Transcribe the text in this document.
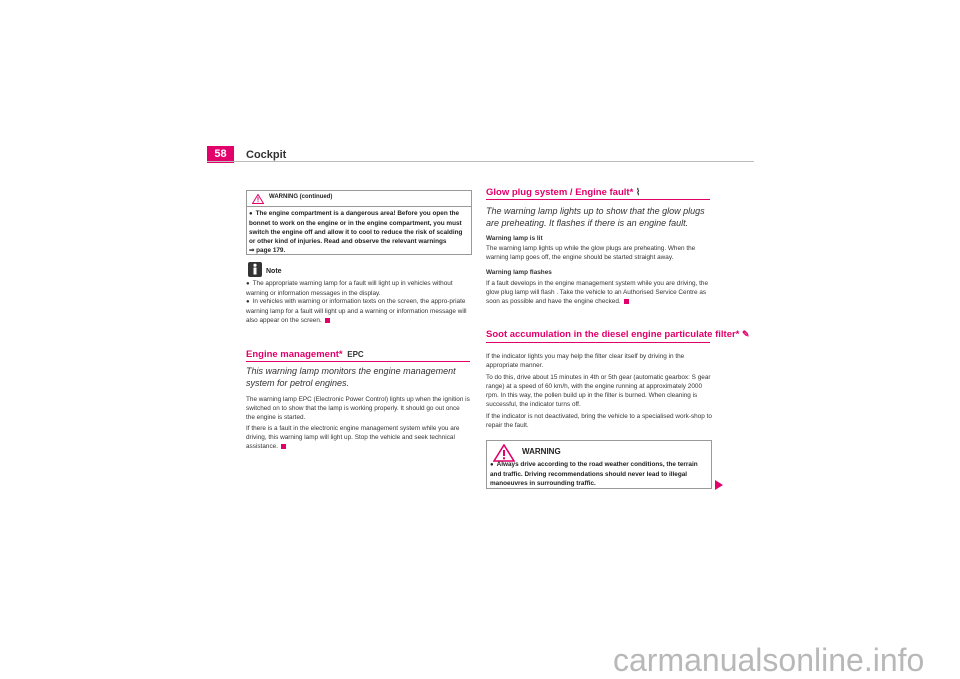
58	Cockpit
WARNING (continued)
● The engine compartment is a dangerous area! Before you open the bonnet to work on the engine or in the engine compartment, you must switch the engine off and allow it to cool to reduce the risk of scalding or other kind of injuries. Read and observe the relevant warnings
⇒ page 179.
Note
● The appropriate warning lamp for a fault will light up in vehicles without warning or information messages in the display.
● In vehicles with warning or information texts on the screen, the appro-priate warning lamp for a fault will light up and a warning or information message will also appear on the screen.
Engine management* EPC
This warning lamp monitors the engine management system for petrol engines.
The warning lamp EPC (Electronic Power Control) lights up when the ignition is switched on to show that the lamp is working properly. It should go out once the engine is started.
If there is a fault in the electronic engine management system while you are driving, this warning lamp will light up. Stop the vehicle and seek technical assistance.
Glow plug system / Engine fault* ⌇
The warning lamp lights up to show that the glow plugs are preheating. It flashes if there is an engine fault.
Warning lamp is lit
The warning lamp lights up while the glow plugs are preheating. When the warning lamp goes off, the engine should be started straight away.
Warning lamp flashes
If a fault develops in the engine management system while you are driving, the glow plug lamp will flash . Take the vehicle to an Authorised Service Centre as soon as possible and have the engine checked.
Soot accumulation in the diesel engine particulate filter* ✎
If the indicator lights you may help the filter clear itself by driving in the appropriate manner.
To do this, drive about 15 minutes in 4th or 5th gear (automatic gearbox: S gear range) at a speed of 60 km/h, with the engine running at approximately 2000 rpm. In this way, the pollen build up in the filter is burned. When cleaning is successful, the indicator turns off.
If the indicator is not deactivated, bring the vehicle to a specialised work-shop to repair the fault.
WARNING
● Always drive according to the road weather conditions, the terrain and traffic. Driving recommendations should never lead to illegal manoeuvres in surrounding traffic.
carmanualsonline.info
